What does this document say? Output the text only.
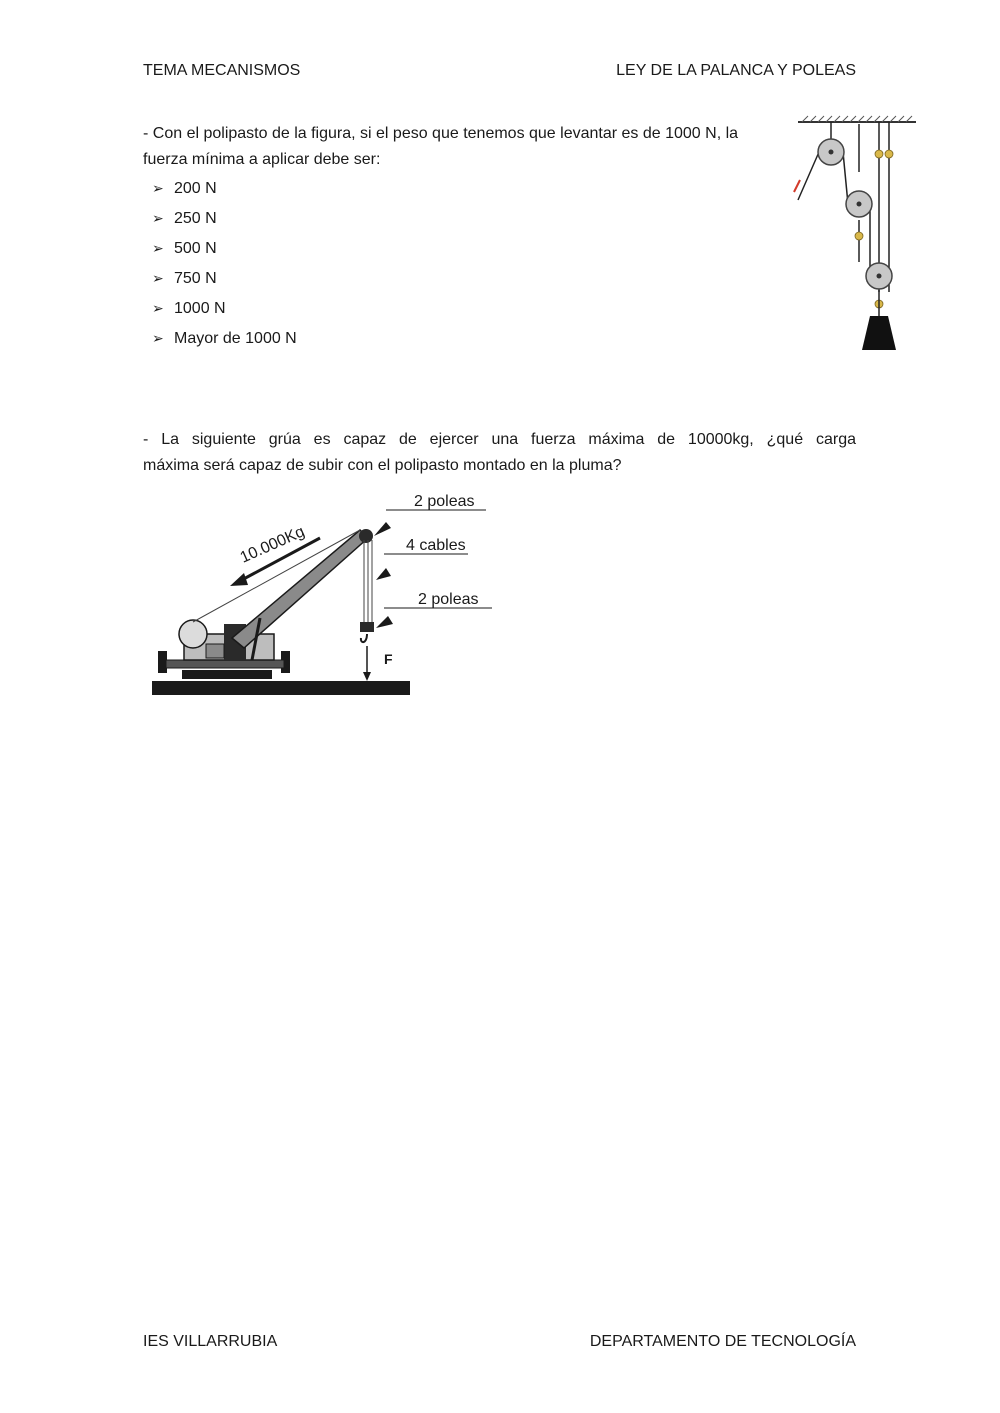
TEMA MECANISMOS	LEY DE LA PALANCA Y POLEAS
- Con el polipasto de la figura, si el peso que tenemos que levantar es de 1000 N, la fuerza mínima a aplicar debe ser:
➢ 200 N
➢ 250 N
➢ 500 N
➢ 750 N
➢ 1000 N
➢ Mayor de 1000 N
- La siguiente grúa es capaz de ejercer una fuerza máxima de 10000kg, ¿qué carga
máxima será capaz de subir con el polipasto montado en la pluma?
10.000Kg
2 poleas
4 cables
2 poleas
F
IES VILLARRUBIA	DEPARTAMENTO DE TECNOLOGÍA
